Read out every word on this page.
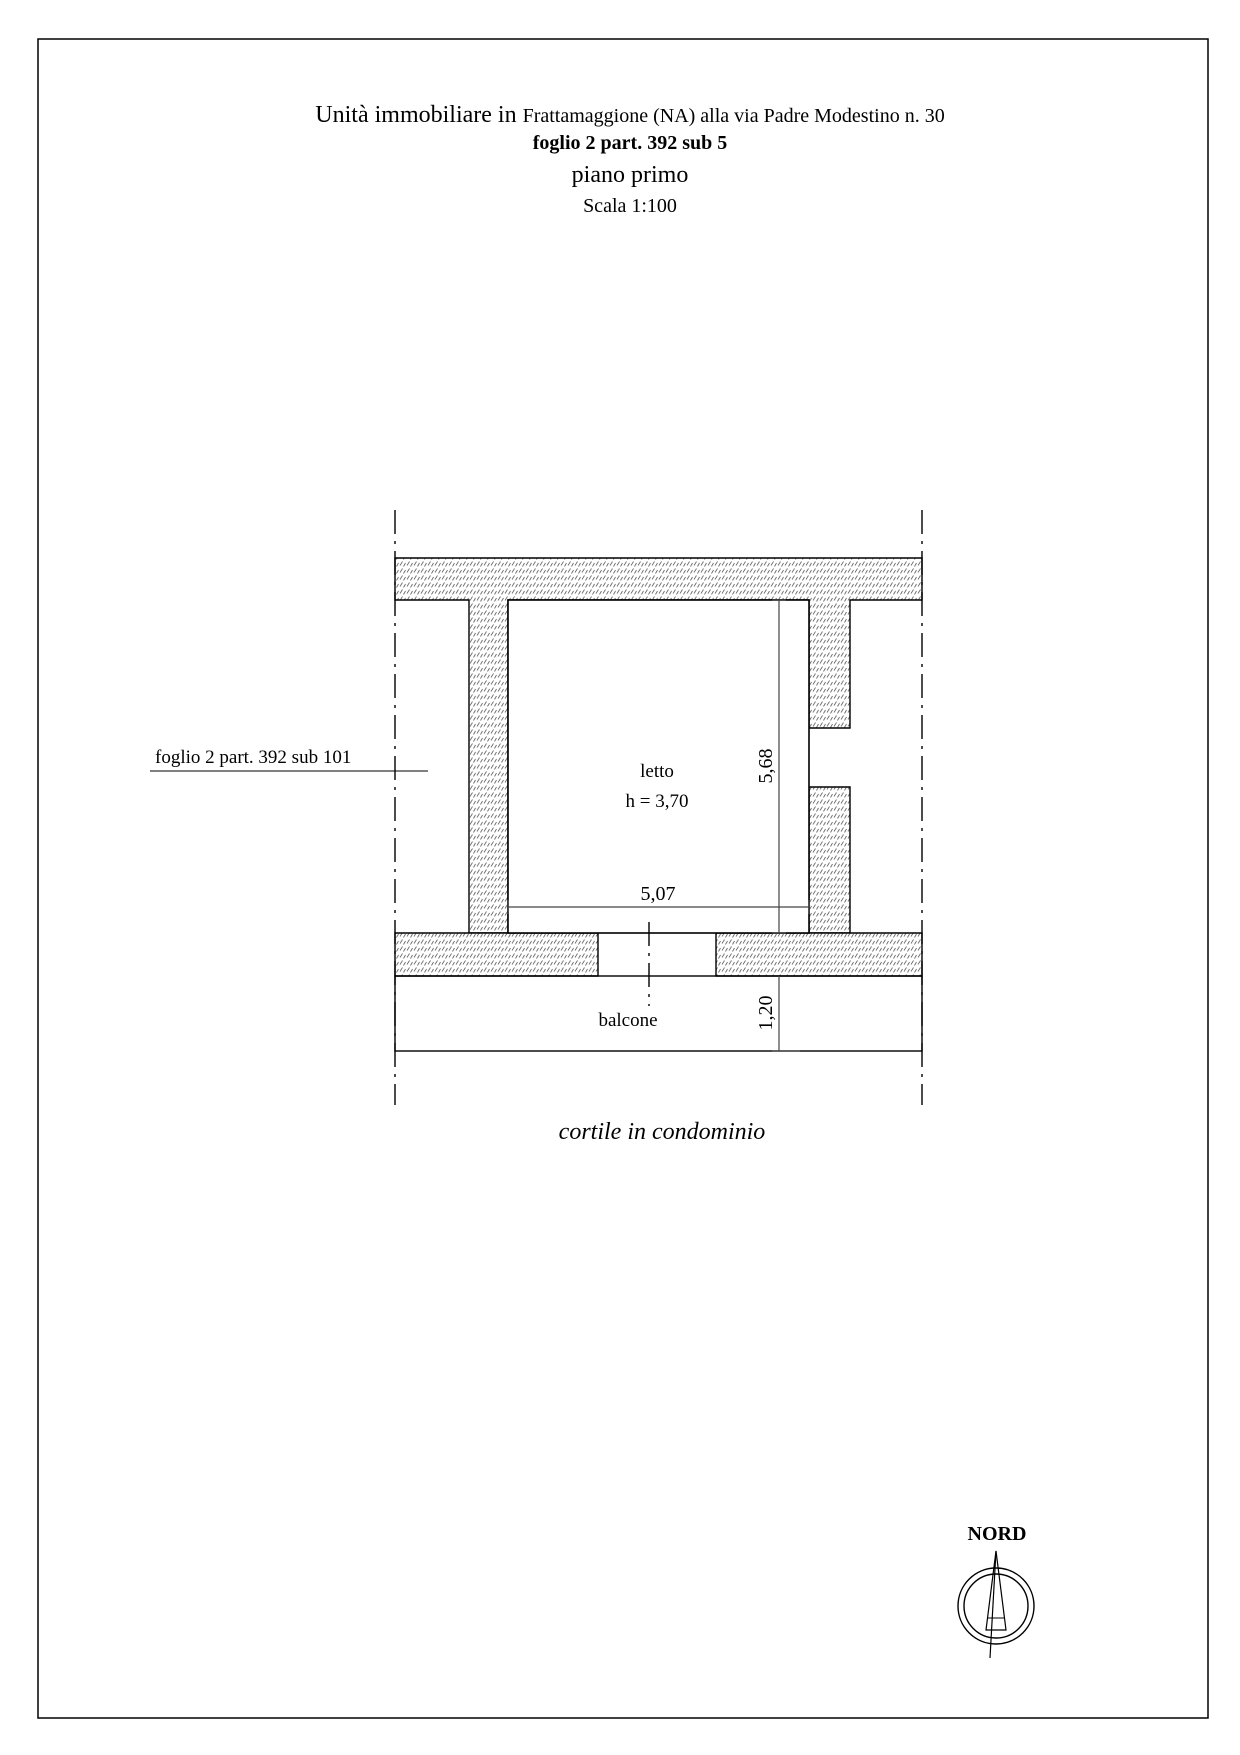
Unità immobiliare in Frattamaggione (NA) alla via Padre Modestino n. 30
foglio 2 part. 392 sub 5
piano primo
Scala 1:100
letto
h = 3,70
5,07
5,68
1,20
balcone
foglio 2 part. 392 sub 101
cortile in condominio
NORD
